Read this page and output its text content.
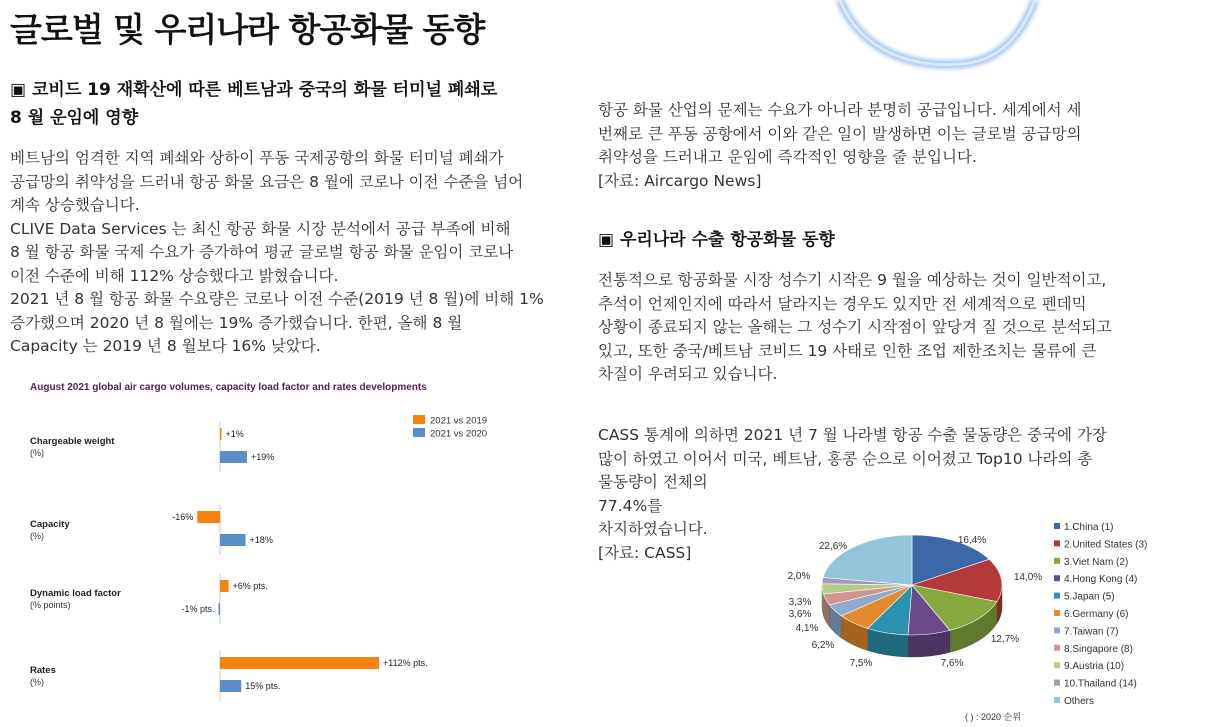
글로벌 및 우리나라 항공화물 동향
▣ 코비드 19 재확산에 따른 베트남과 중국의 화물 터미널 폐쇄로
8 월 운임에 영향
베트남의 엄격한 지역 폐쇄와 상하이 푸동 국제공항의 화물 터미널 폐쇄가
공급망의 취약성을 드러내 항공 화물 요금은 8 월에 코로나 이전 수준을 넘어
계속 상승했습니다.
CLIVE Data Services 는 최신 항공 화물 시장 분석에서 공급 부족에 비해
8 월 항공 화물 국제 수요가 증가하여 평균 글로벌 항공 화물 운임이 코로나
이전 수준에 비해 112% 상승했다고 밝혔습니다.
2021 년 8 월 항공 화물 수요량은 코로나 이전 수준(2019 년 8 월)에 비해 1%
증가했으며 2020 년 8 월에는 19% 증가했습니다. 한편, 올해 8 월
Capacity 는 2019 년 8 월보다 16% 낮았다.
August 2021 global air cargo volumes, capacity load factor and rates developments
2021 vs 2019
2021 vs 2020
Chargeable weight
(%)
+1%
+19%
Capacity
(%)
-16%
+18%
Dynamic load factor
(% points)
+6% pts.
-1% pts.
Rates
(%)
+112% pts.
15% pts.
항공 화물 산업의 문제는 수요가 아니라 분명히 공급입니다. 세계에서 세
번째로 큰 푸동 공항에서 이와 같은 일이 발생하면 이는 글로벌 공급망의
취약성을 드러내고 운임에 즉각적인 영향을 줄 분입니다.
[자료: Aircargo News]
▣ 우리나라 수출 항공화물 동향
전통적으로 항공화물 시장 성수기 시작은 9 월을 예상하는 것이 일반적이고,
추석이 언제인지에 따라서 달라지는 경우도 있지만 전 세계적으로 펜데믹
상황이 종료되지 않는 올해는 그 성수기 시작점이 앞당겨 질 것으로 분석되고
있고, 또한 중국/베트남 코비드 19 사태로 인한 조업 제한조치는 물류에 큰
차질이 우려되고 있습니다.
CASS 통계에 의하면 2021 년 7 월 나라별 항공 수출 물동량은 중국에 가장
많이 하였고 이어서 미국, 베트남, 홍콩 순으로 이어졌고 Top10 나라의 총
물동량이 전체의
77.4%를
차지하였습니다.
[자료: CASS]
16,4%
14,0%
12,7%
7,6%
7,5%
6,2%
4,1%
3,6%
3,3%
2,0%
22,6%
1.China (1)
2.United States (3)
3.Viet Nam (2)
4.Hong Kong (4)
5.Japan (5)
6.Germany (6)
7.Taiwan (7)
8.Singapore (8)
9.Austria (10)
10.Thailand (14)
Others
( ) : 2020 순위
